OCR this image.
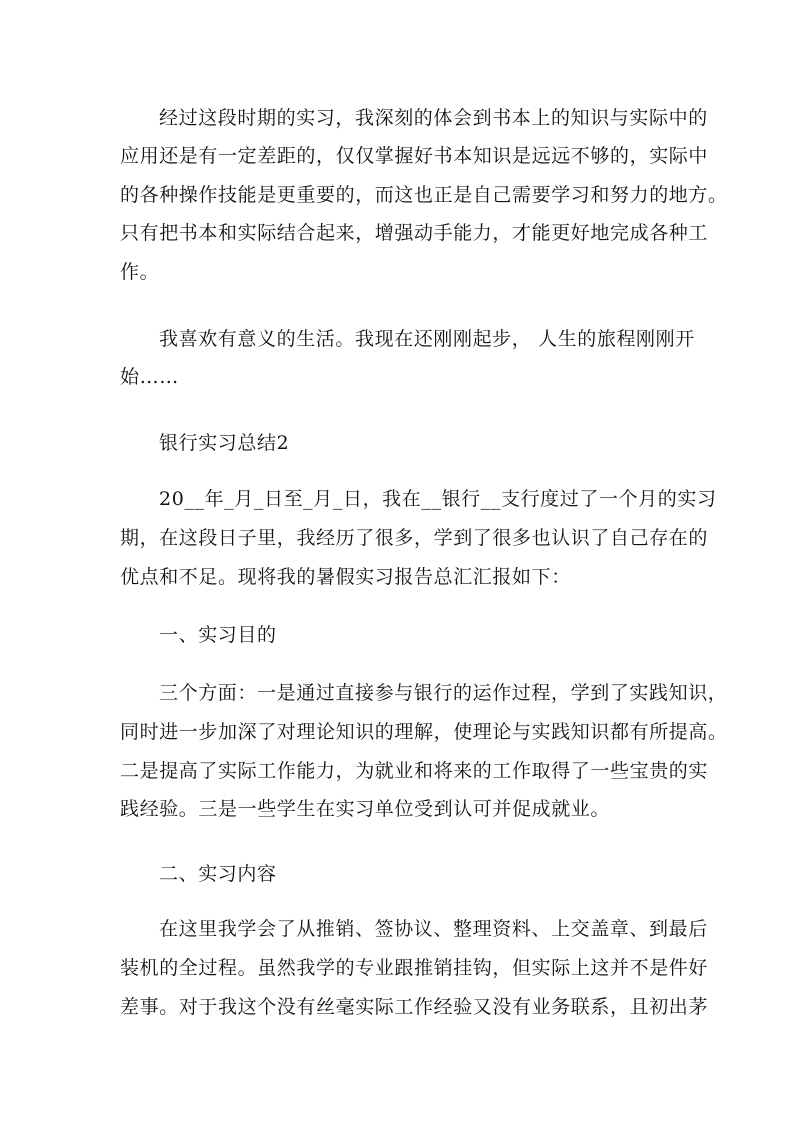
经过这段时期的实习，我深刻的体会到书本上的知识与实际中的
应用还是有一定差距的，仅仅掌握好书本知识是远远不够的，实际中
的各种操作技能是更重要的，而这也正是自己需要学习和努力的地方。
只有把书本和实际结合起来，增强动手能力，才能更好地完成各种工
作。
我喜欢有意义的生活。我现在还刚刚起步， 人生的旅程刚刚开
始……
银行实习总结2
20__年_月_日至_月_日，我在__银行__支行度过了一个月的实习
期，在这段日子里，我经历了很多，学到了很多也认识了自己存在的
优点和不足。现将我的暑假实习报告总汇汇报如下：
一、实习目的
三个方面：一是通过直接参与银行的运作过程，学到了实践知识，
同时进一步加深了对理论知识的理解，使理论与实践知识都有所提高。
二是提高了实际工作能力，为就业和将来的工作取得了一些宝贵的实
践经验。三是一些学生在实习单位受到认可并促成就业。
二、实习内容
在这里我学会了从推销、签协议、整理资料、上交盖章、到最后
装机的全过程。虽然我学的专业跟推销挂钩，但实际上这并不是件好
差事。对于我这个没有丝毫实际工作经验又没有业务联系，且初出茅
